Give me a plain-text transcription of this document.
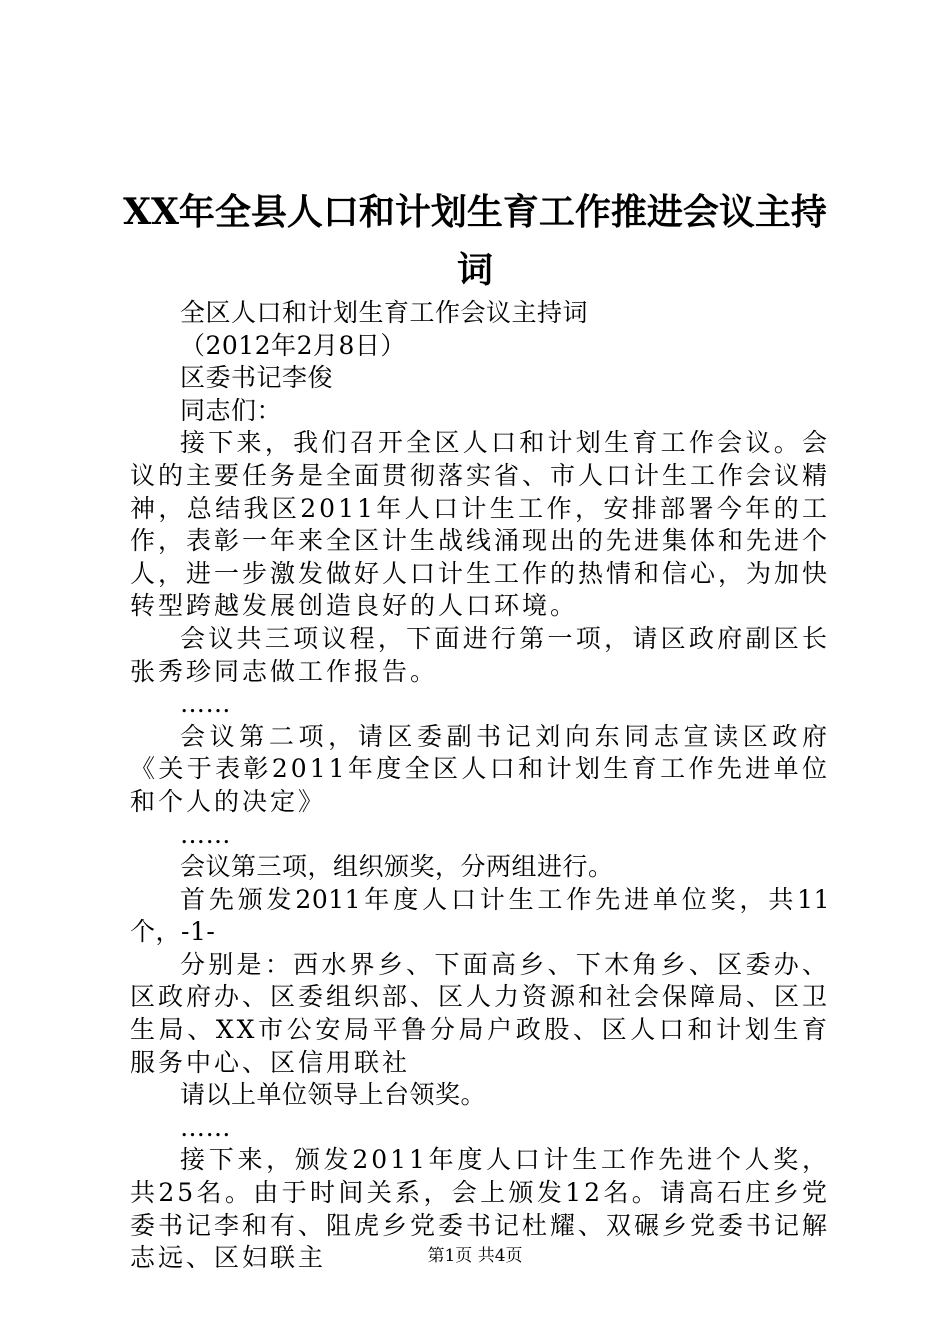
XX年全县人口和计划生育工作推进会议主持词

全区人口和计划生育工作会议主持词

（2012年2月8日）

区委书记李俊

同志们：

接下来，我们召开全区人口和计划生育工作会议。会议的主要任务是全面贯彻落实省、市人口计生工作会议精神，总结我区2011年人口计生工作，安排部署今年的工作，表彰一年来全区计生战线涌现出的先进集体和先进个人，进一步激发做好人口计生工作的热情和信心，为加快转型跨越发展创造良好的人口环境。

会议共三项议程，下面进行第一项，请区政府副区长张秀珍同志做工作报告。

……

会议第二项，请区委副书记刘向东同志宣读区政府《关于表彰2011年度全区人口和计划生育工作先进单位和个人的决定》

……

会议第三项，组织颁奖，分两组进行。

首先颁发2011年度人口计生工作先进单位奖，共11个，-1-

分别是：西水界乡、下面高乡、下木角乡、区委办、区政府办、区委组织部、区人力资源和社会保障局、区卫生局、XX市公安局平鲁分局户政股、区人口和计划生育服务中心、区信用联社

请以上单位领导上台领奖。

……

接下来，颁发2011年度人口计生工作先进个人奖，共25名。由于时间关系，会上颁发12名。请高石庄乡党委书记李和有、阻虎乡党委书记杜耀、双碾乡党委书记解志远、区妇联主	第1页 共4页
